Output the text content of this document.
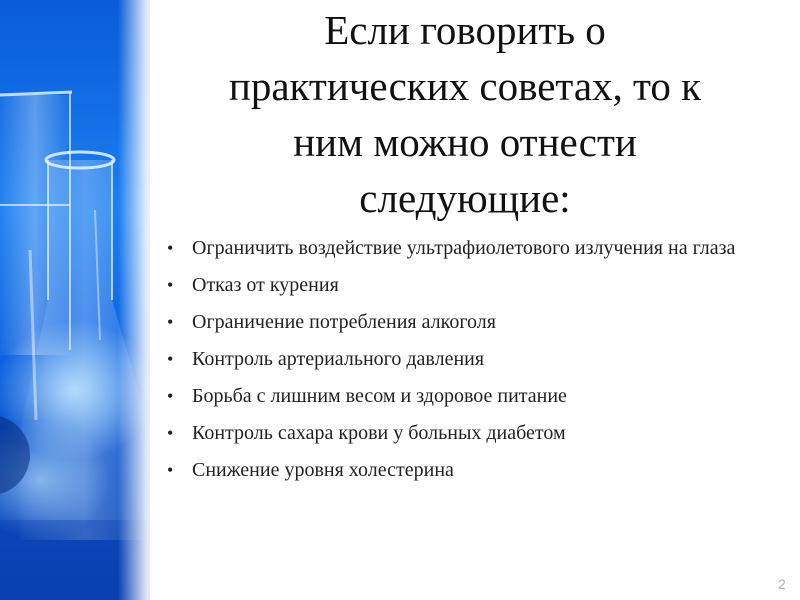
Если говорить о
практических советах, то к
ним можно отнести
следующие:
• Ограничить воздействие ультрафиолетового излучения на глаза
• Отказ от курения
• Ограничение потребления алкоголя
• Контроль артериального давления
• Борьба с лишним весом и здоровое питание
• Контроль сахара крови у больных диабетом
• Снижение уровня холестерина
2
